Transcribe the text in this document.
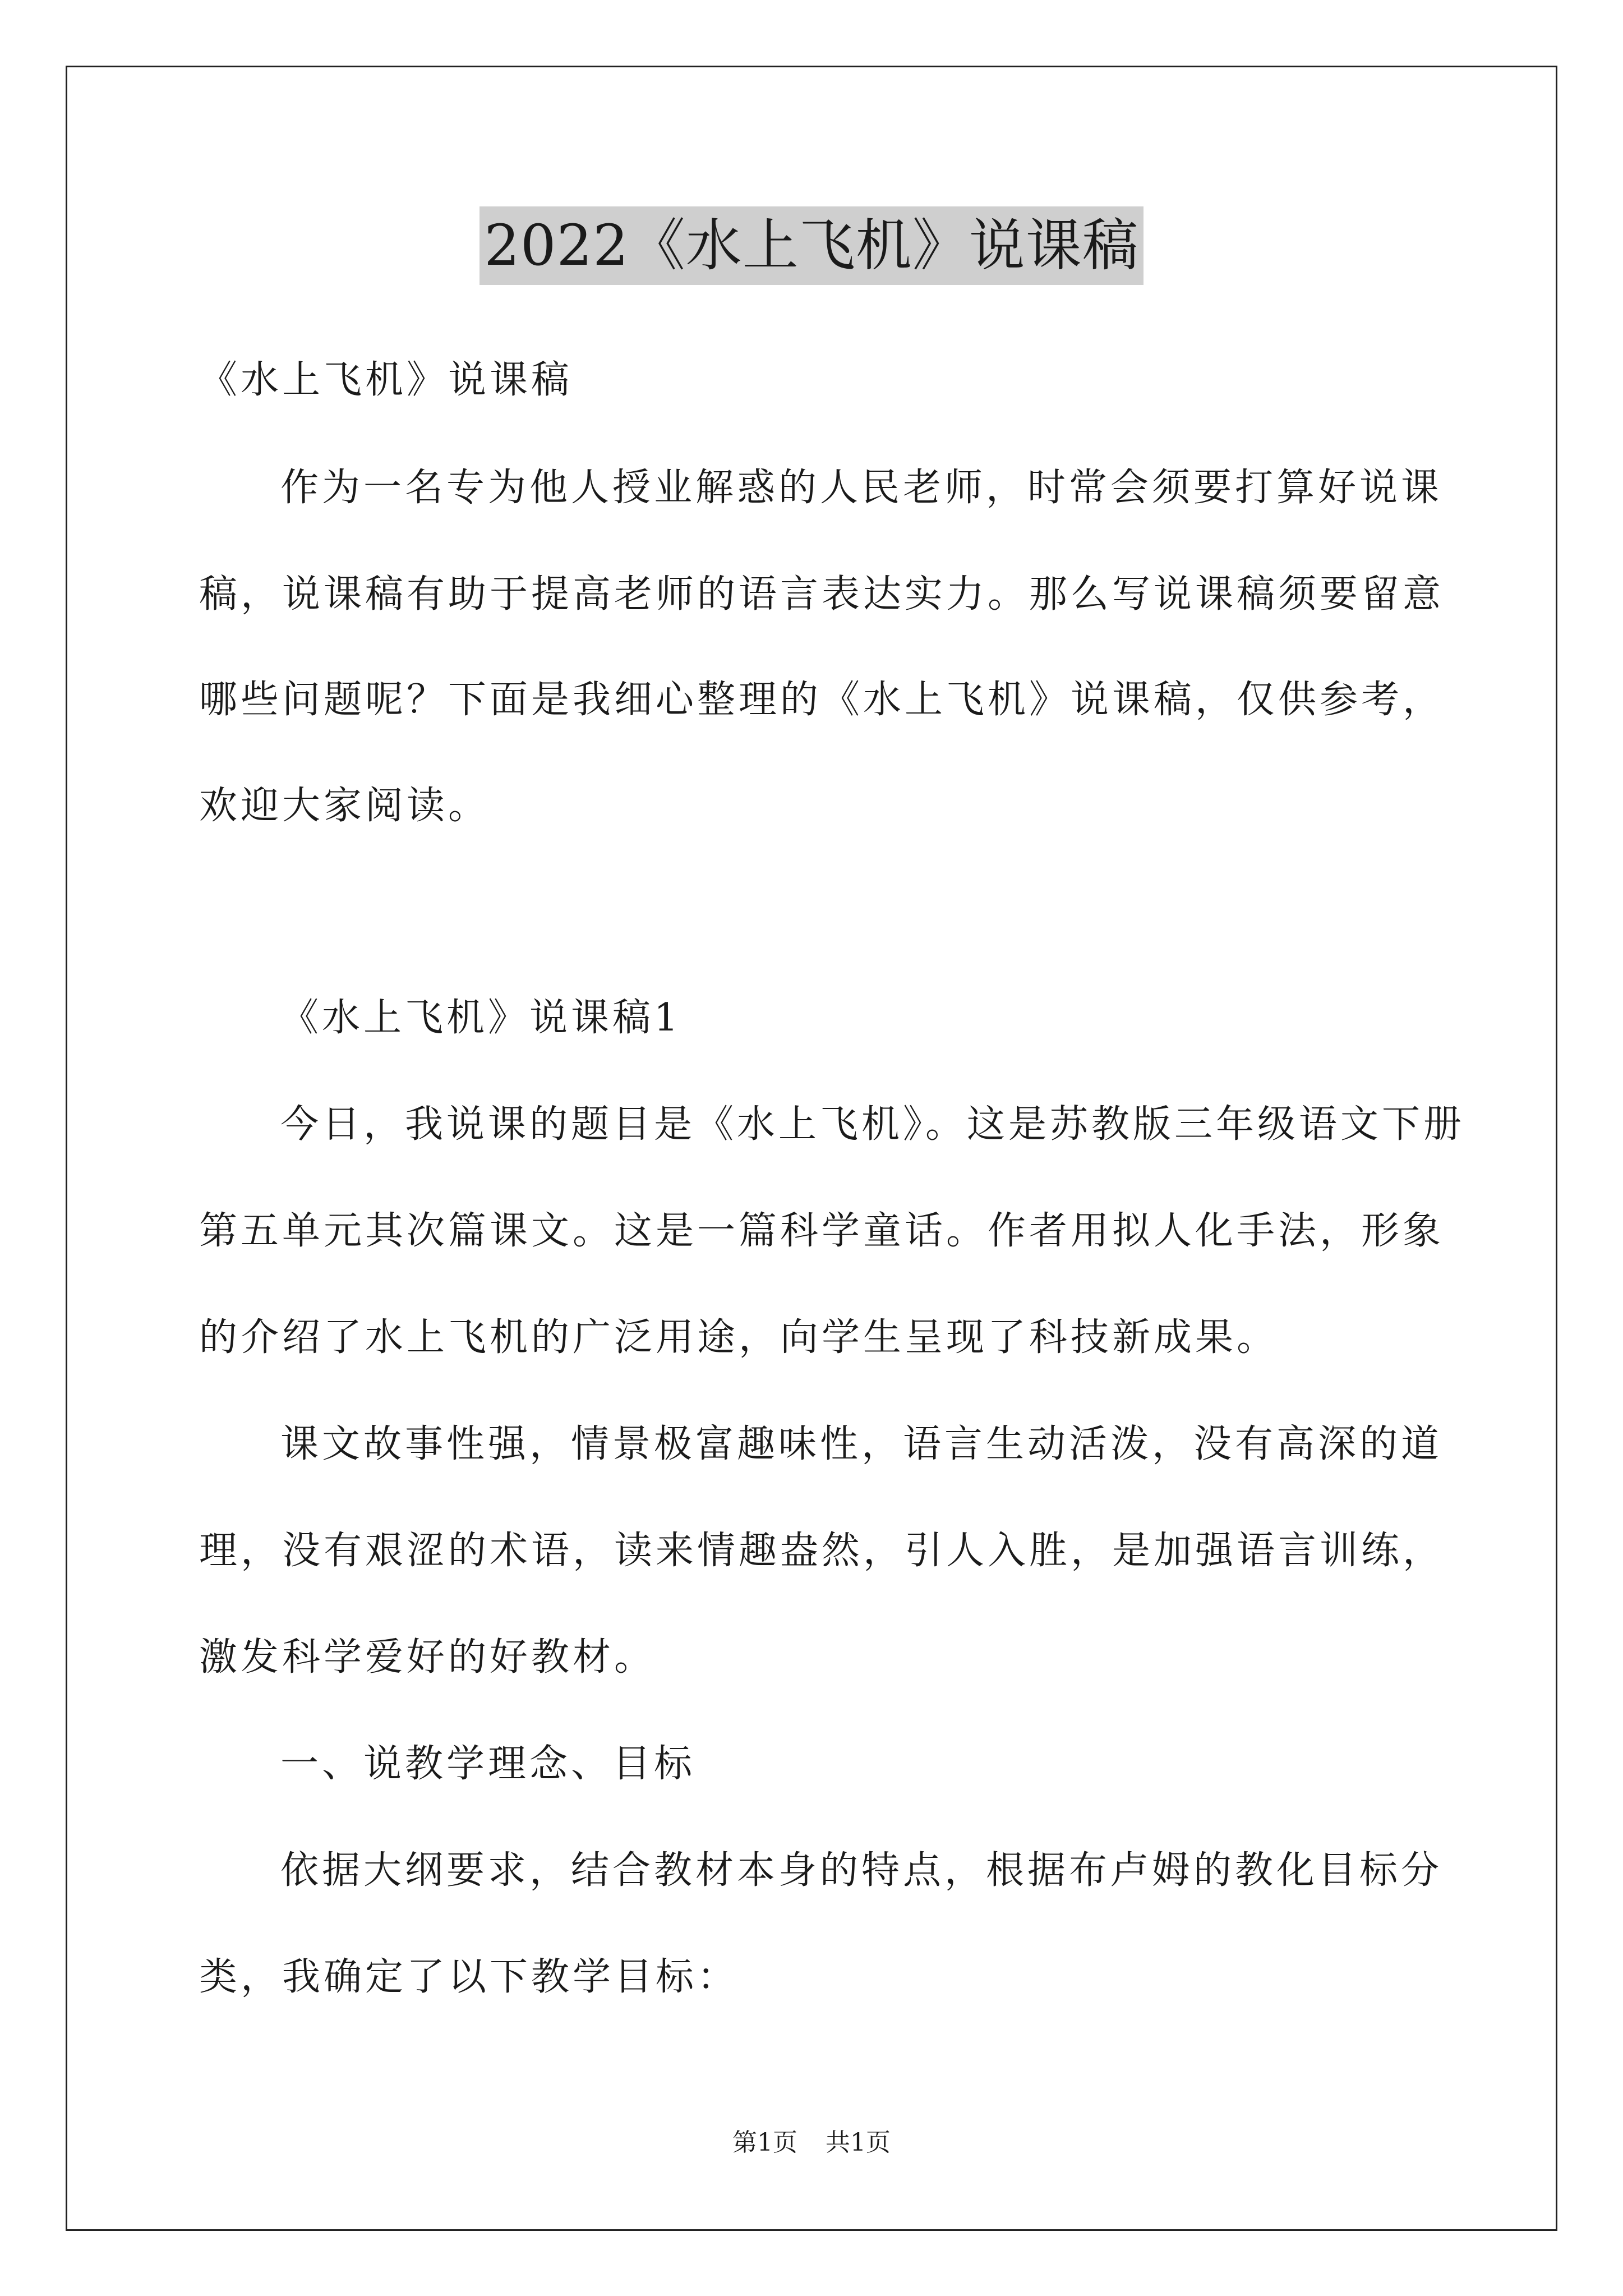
2022《水上飞机》说课稿
《水上飞机》说课稿
作为一名专为他人授业解惑的人民老师，时常会须要打算好说课
稿，说课稿有助于提高老师的语言表达实力。那么写说课稿须要留意
哪些问题呢？下面是我细心整理的《水上飞机》说课稿，仅供参考，
欢迎大家阅读。
《水上飞机》说课稿1
今日，我说课的题目是《水上飞机》。这是苏教版三年级语文下册
第五单元其次篇课文。这是一篇科学童话。作者用拟人化手法，形象
的介绍了水上飞机的广泛用途，向学生呈现了科技新成果。
课文故事性强，情景极富趣味性，语言生动活泼，没有高深的道
理，没有艰涩的术语，读来情趣盎然，引人入胜，是加强语言训练，
激发科学爱好的好教材。
一、说教学理念、目标
依据大纲要求，结合教材本身的特点，根据布卢姆的教化目标分
类，我确定了以下教学目标：
第1页 共1页
